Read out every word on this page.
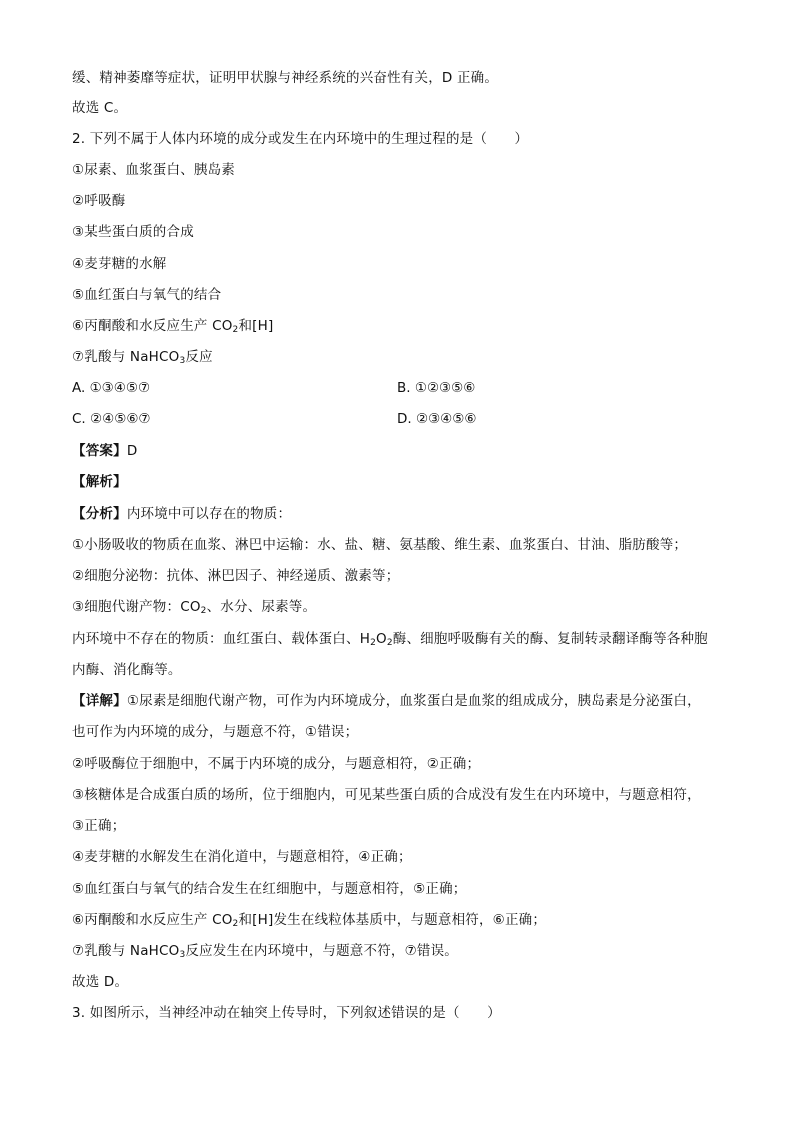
缓、精神萎靡等症状，证明甲状腺与神经系统的兴奋性有关，D 正确。
故选 C。
2. 下列不属于人体内环境的成分或发生在内环境中的生理过程的是（　　）
①尿素、血浆蛋白、胰岛素
②呼吸酶
③某些蛋白质的合成
④麦芽糖的水解
⑤血红蛋白与氧气的结合
⑥丙酮酸和水反应生产 $CO_2$和[H]
⑦乳酸与 NaHCO$_3$反应
A. ①③④⑤⑦	B. ①②③⑤⑥
C. ②④⑤⑥⑦	D. ②③④⑤⑥
【答案】D
【解析】
【分析】内环境中可以存在的物质：
①小肠吸收的物质在血浆、淋巴中运输：水、盐、糖、氨基酸、维生素、血浆蛋白、甘油、脂肪酸等；
②细胞分泌物：抗体、淋巴因子、神经递质、激素等；
③细胞代谢产物：$CO_2$、水分、尿素等。
内环境中不存在的物质：血红蛋白、载体蛋白、$H_2O_2$酶、细胞呼吸酶有关的酶、复制转录翻译酶等各种胞
内酶、消化酶等。
【详解】①尿素是细胞代谢产物，可作为内环境成分，血浆蛋白是血浆的组成成分，胰岛素是分泌蛋白，
也可作为内环境的成分，与题意不符，①错误；
②呼吸酶位于细胞中，不属于内环境的成分，与题意相符，②正确；
③核糖体是合成蛋白质的场所，位于细胞内，可见某些蛋白质的合成没有发生在内环境中，与题意相符，
③正确；
④麦芽糖的水解发生在消化道中，与题意相符，④正确；
⑤血红蛋白与氧气的结合发生在红细胞中，与题意相符，⑤正确；
⑥丙酮酸和水反应生产 $CO_2$和[H]发生在线粒体基质中，与题意相符，⑥正确；
⑦乳酸与 NaHCO$_3$反应发生在内环境中，与题意不符，⑦错误。
故选 D。
3. 如图所示，当神经冲动在轴突上传导时，下列叙述错误的是（　　）
